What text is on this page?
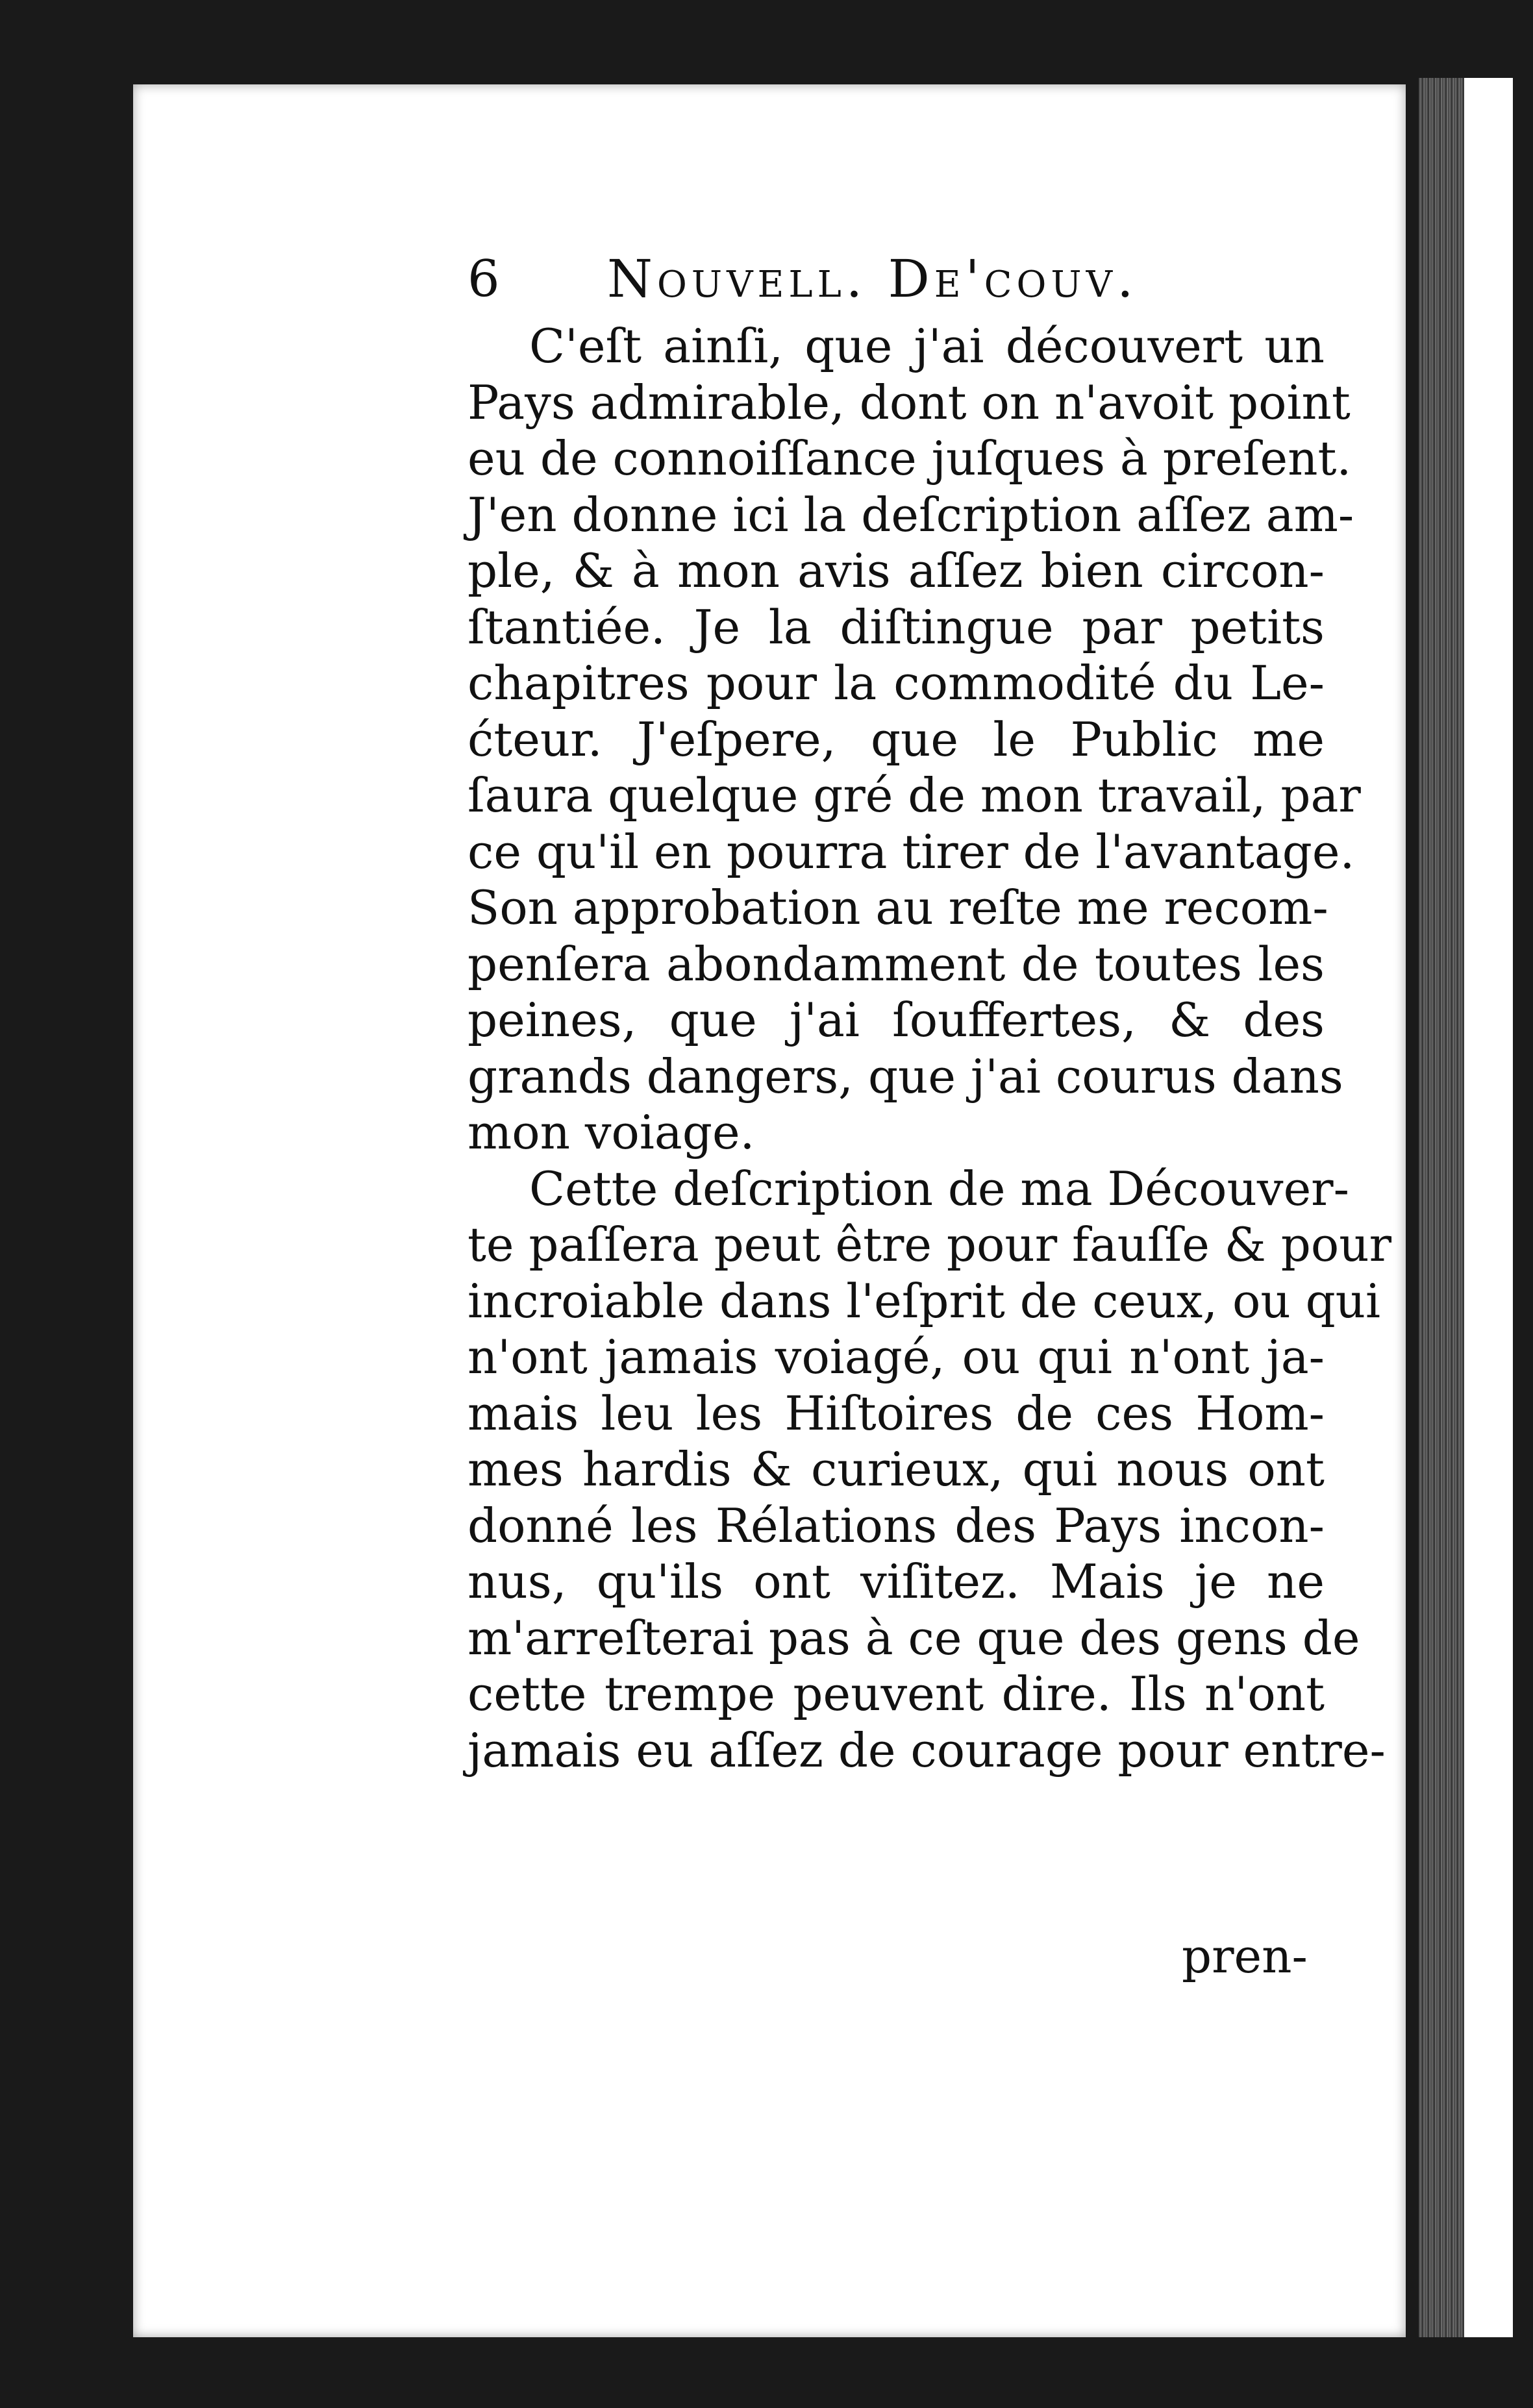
6 Nouvell. De'couv.
C'eſt ainſi, que j'ai découvert un
Pays admirable, dont on n'avoit point
eu de connoiſſance juſques à preſent.
J'en donne ici la deſcription aſſez am-
ple, & à mon avis aſſez bien circon-
ſtantiée. Je la diſtingue par petits
chapitres pour la commodité du Le-
ćteur. J'eſpere, que le Public me
ſaura quelque gré de mon travail, par
ce qu'il en pourra tirer de l'avantage.
Son approbation au reſte me recom-
penſera abondamment de toutes les
peines, que j'ai ſouffertes, & des
grands dangers, que j'ai courus dans
mon voiage.
Cette deſcription de ma Découver-
te paſſera peut être pour fauſſe & pour
incroiable dans l'eſprit de ceux, ou qui
n'ont jamais voiagé, ou qui n'ont ja-
mais leu les Hiſtoires de ces Hom-
mes hardis & curieux, qui nous ont
donné les Rélations des Pays incon-
nus, qu'ils ont viſitez. Mais je ne
m'arreſterai pas à ce que des gens de
cette trempe peuvent dire. Ils n'ont
jamais eu aſſez de courage pour entre-
pren-
